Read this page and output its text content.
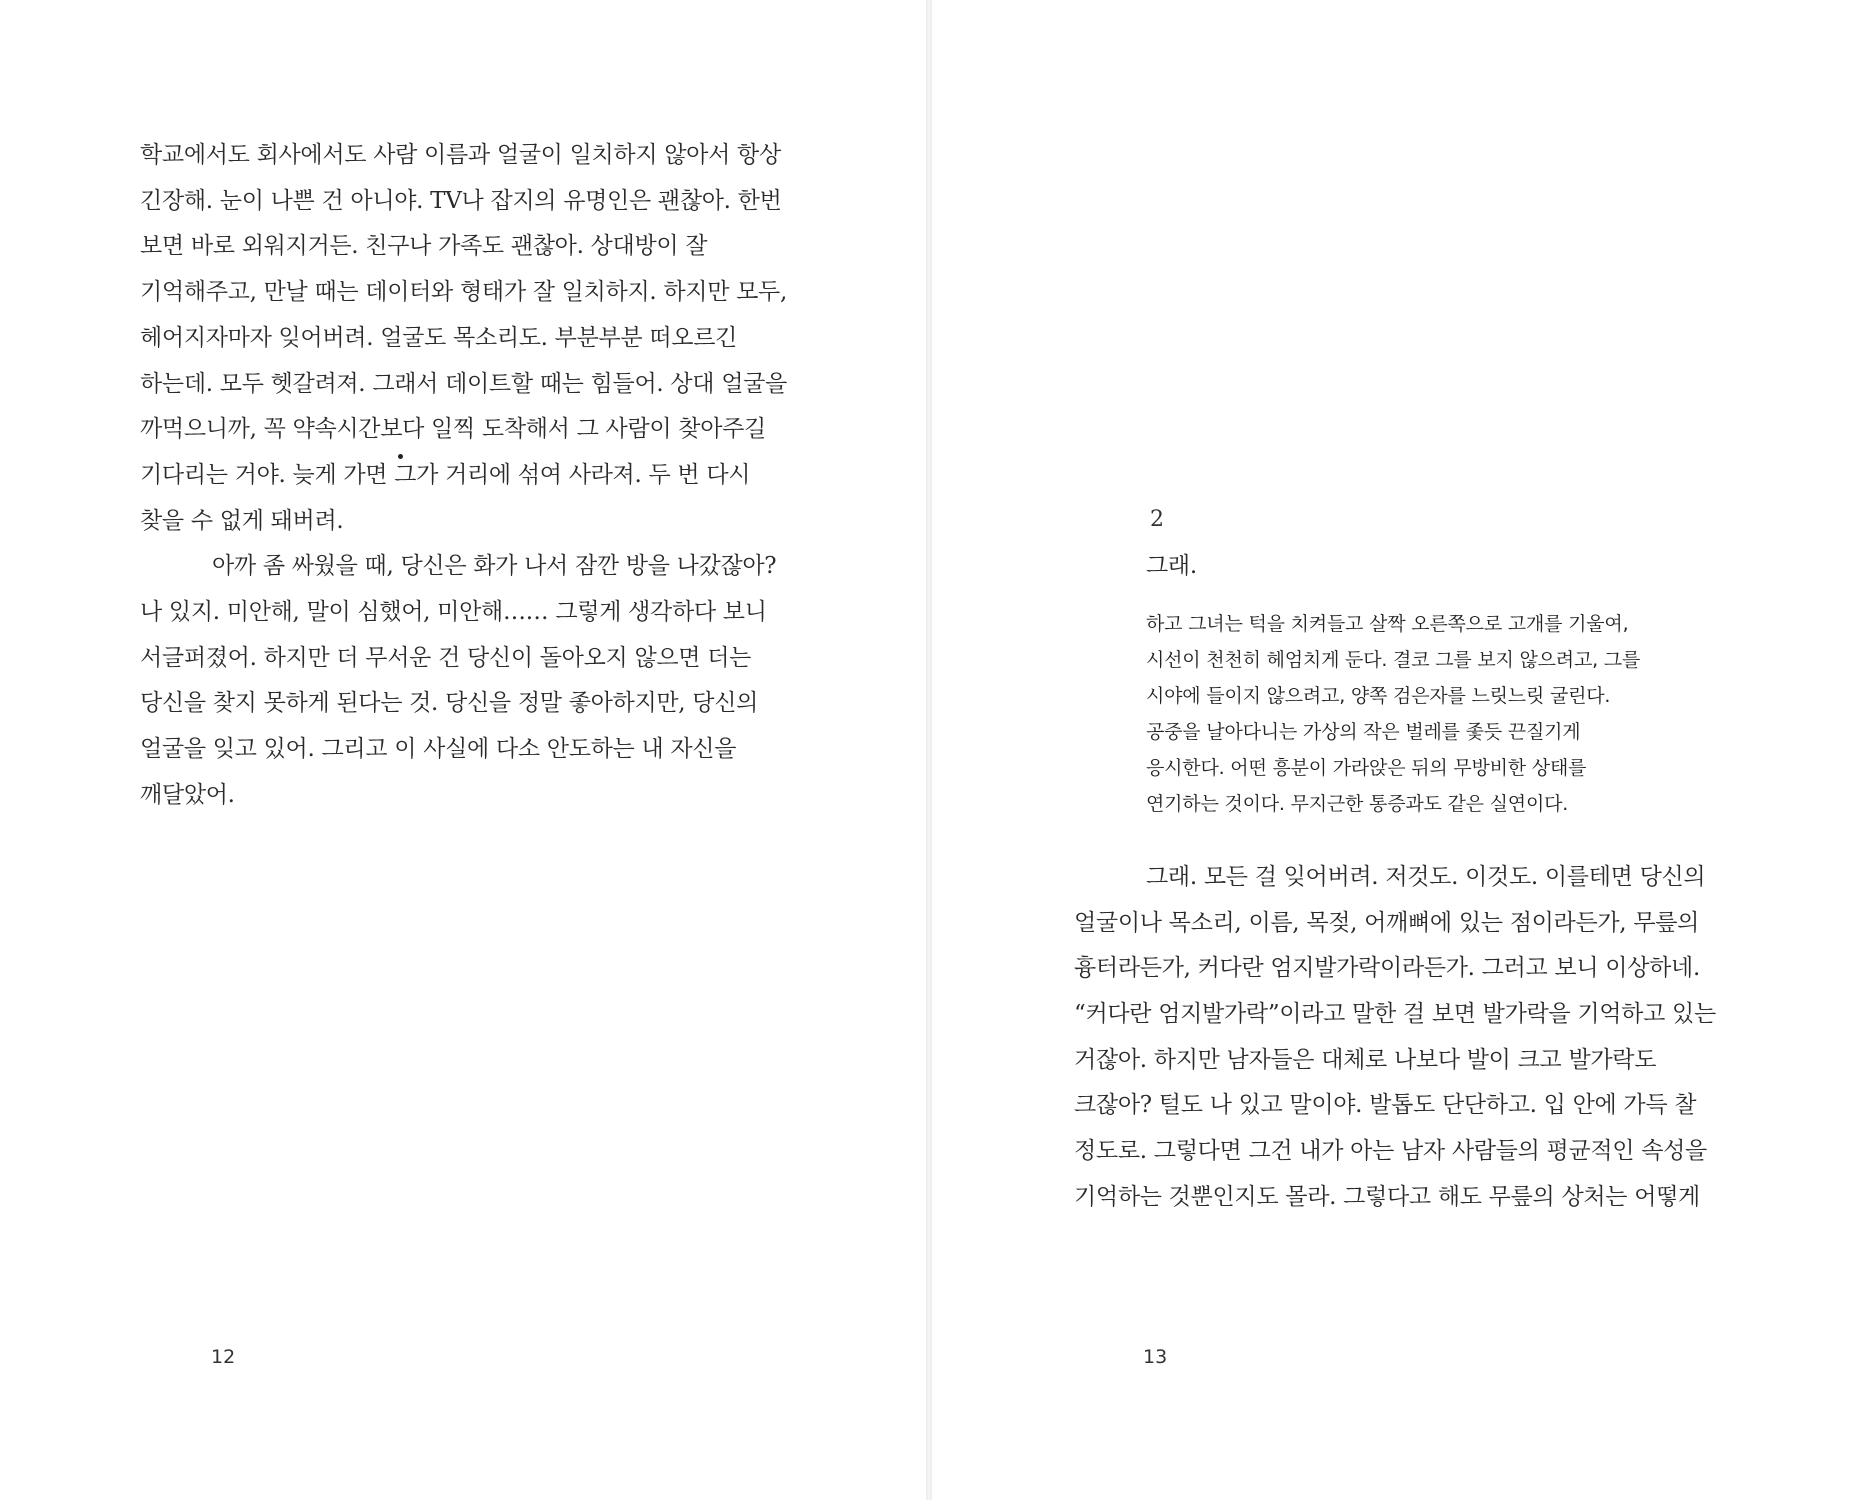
학교에서도 회사에서도 사람 이름과 얼굴이 일치하지 않아서 항상
긴장해. 눈이 나쁜 건 아니야. TV나 잡지의 유명인은 괜찮아. 한번
보면 바로 외워지거든. 친구나 가족도 괜찮아. 상대방이 잘
기억해주고, 만날 때는 데이터와 형태가 잘 일치하지. 하지만 모두,
헤어지자마자 잊어버려. 얼굴도 목소리도. 부분부분 떠오르긴
하는데. 모두 헷갈려져. 그래서 데이트할 때는 힘들어. 상대 얼굴을
까먹으니까, 꼭 약속시간보다 일찍 도착해서 그 사람이 찾아주길
기다리는 거야. 늦게 가면 그가 거리에 섞여 사라져. 두 번 다시
찾을 수 없게 돼버려.
아까 좀 싸웠을 때, 당신은 화가 나서 잠깐 방을 나갔잖아?
나 있지. 미안해, 말이 심했어, 미안해…… 그렇게 생각하다 보니
서글퍼졌어. 하지만 더 무서운 건 당신이 돌아오지 않으면 더는
당신을 찾지 못하게 된다는 것. 당신을 정말 좋아하지만, 당신의
얼굴을 잊고 있어. 그리고 이 사실에 다소 안도하는 내 자신을
깨달았어.
12
2
그래.
하고 그녀는 턱을 치켜들고 살짝 오른쪽으로 고개를 기울여,
시선이 천천히 헤엄치게 둔다. 결코 그를 보지 않으려고, 그를
시야에 들이지 않으려고, 양쪽 검은자를 느릿느릿 굴린다.
공중을 날아다니는 가상의 작은 벌레를 좇듯 끈질기게
응시한다. 어떤 흥분이 가라앉은 뒤의 무방비한 상태를
연기하는 것이다. 무지근한 통증과도 같은 실연이다.
그래. 모든 걸 잊어버려. 저것도. 이것도. 이를테면 당신의
얼굴이나 목소리, 이름, 목젖, 어깨뼈에 있는 점이라든가, 무릎의
흉터라든가, 커다란 엄지발가락이라든가. 그러고 보니 이상하네.
“커다란 엄지발가락”이라고 말한 걸 보면 발가락을 기억하고 있는
거잖아. 하지만 남자들은 대체로 나보다 발이 크고 발가락도
크잖아? 털도 나 있고 말이야. 발톱도 단단하고. 입 안에 가득 찰
정도로. 그렇다면 그건 내가 아는 남자 사람들의 평균적인 속성을
기억하는 것뿐인지도 몰라. 그렇다고 해도 무릎의 상처는 어떻게
13
